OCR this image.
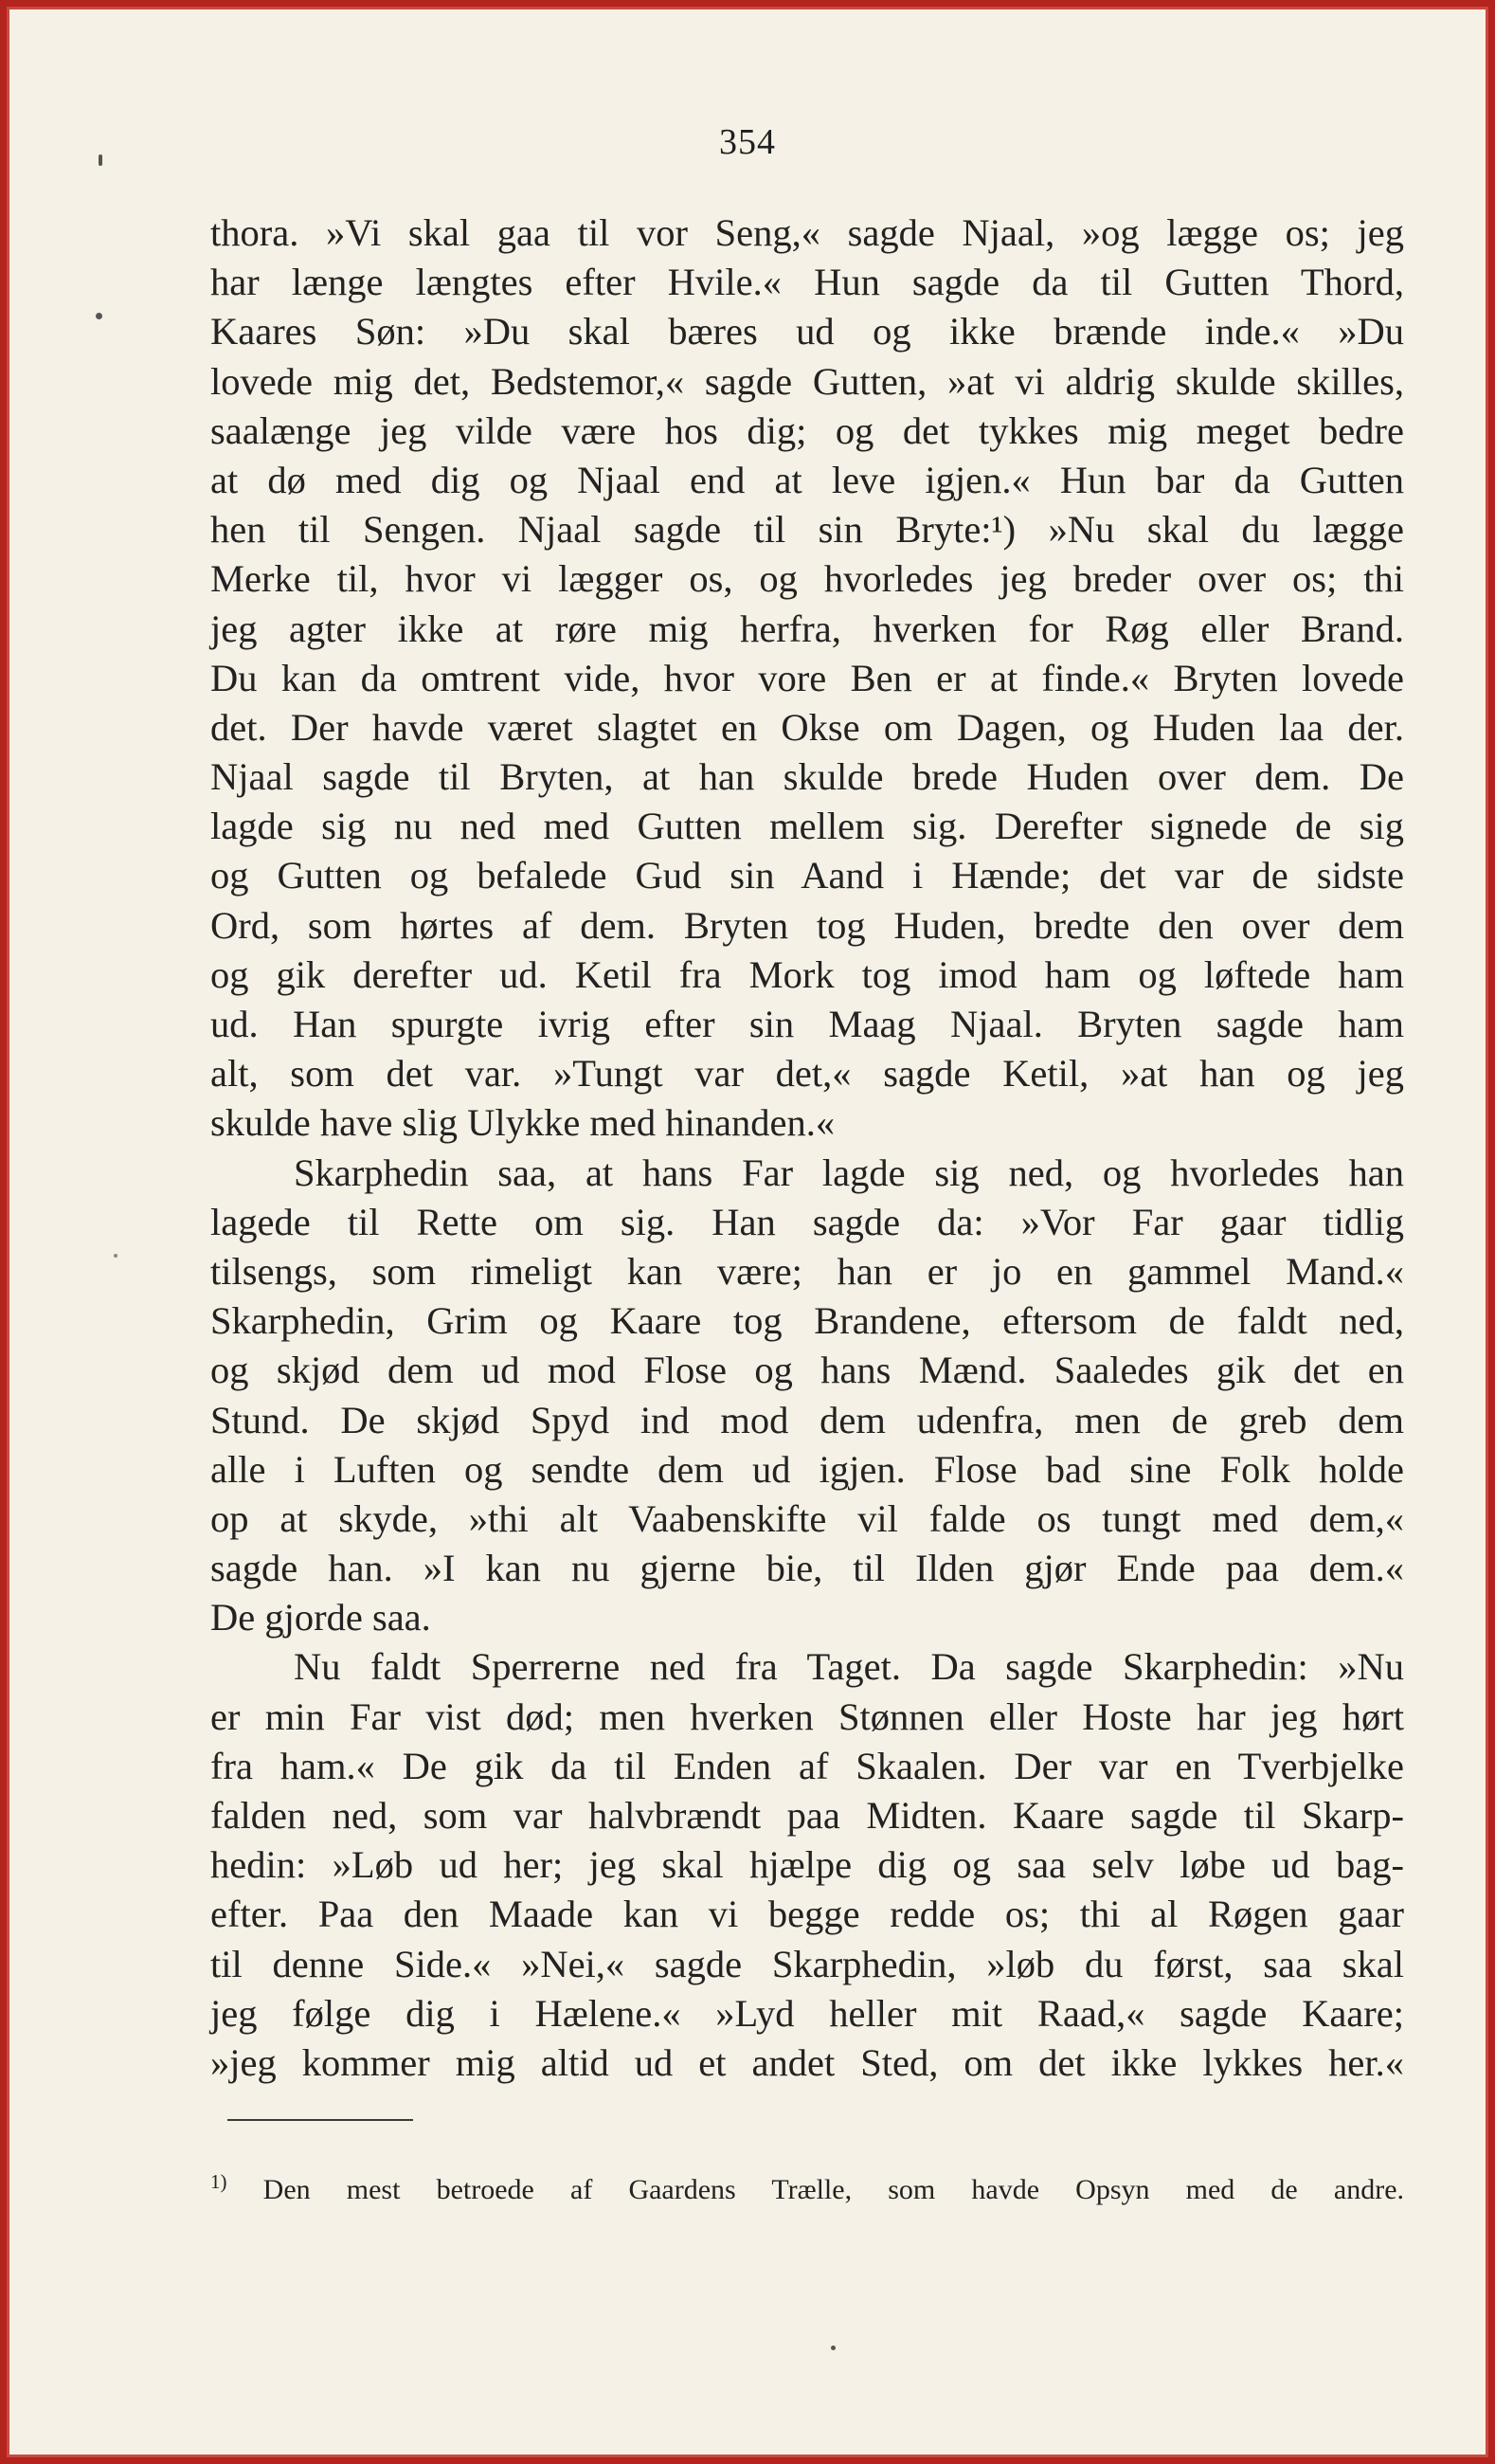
354
thora. »Vi skal gaa til vor Seng,« sagde Njaal, »og lægge os; jeg
har længe længtes efter Hvile.« Hun sagde da til Gutten Thord,
Kaares Søn: »Du skal bæres ud og ikke brænde inde.« »Du
lovede mig det, Bedstemor,« sagde Gutten, »at vi aldrig skulde skilles,
saalænge jeg vilde være hos dig; og det tykkes mig meget bedre
at dø med dig og Njaal end at leve igjen.« Hun bar da Gutten
hen til Sengen. Njaal sagde til sin Bryte:¹) »Nu skal du lægge
Merke til, hvor vi lægger os, og hvorledes jeg breder over os; thi
jeg agter ikke at røre mig herfra, hverken for Røg eller Brand.
Du kan da omtrent vide, hvor vore Ben er at finde.« Bryten lovede
det. Der havde været slagtet en Okse om Dagen, og Huden laa der.
Njaal sagde til Bryten, at han skulde brede Huden over dem. De
lagde sig nu ned med Gutten mellem sig. Derefter signede de sig
og Gutten og befalede Gud sin Aand i Hænde; det var de sidste
Ord, som hørtes af dem. Bryten tog Huden, bredte den over dem
og gik derefter ud. Ketil fra Mork tog imod ham og løftede ham
ud. Han spurgte ivrig efter sin Maag Njaal. Bryten sagde ham
alt, som det var. »Tungt var det,« sagde Ketil, »at han og jeg
skulde have slig Ulykke med hinanden.«
Skarphedin saa, at hans Far lagde sig ned, og hvorledes han
lagede til Rette om sig. Han sagde da: »Vor Far gaar tidlig
tilsengs, som rimeligt kan være; han er jo en gammel Mand.«
Skarphedin, Grim og Kaare tog Brandene, eftersom de faldt ned,
og skjød dem ud mod Flose og hans Mænd. Saaledes gik det en
Stund. De skjød Spyd ind mod dem udenfra, men de greb dem
alle i Luften og sendte dem ud igjen. Flose bad sine Folk holde
op at skyde, »thi alt Vaabenskifte vil falde os tungt med dem,«
sagde han. »I kan nu gjerne bie, til Ilden gjør Ende paa dem.«
De gjorde saa.
Nu faldt Sperrerne ned fra Taget. Da sagde Skarphedin: »Nu
er min Far vist død; men hverken Stønnen eller Hoste har jeg hørt
fra ham.« De gik da til Enden af Skaalen. Der var en Tverbjelke
falden ned, som var halvbrændt paa Midten. Kaare sagde til Skarp-
hedin: »Løb ud her; jeg skal hjælpe dig og saa selv løbe ud bag-
efter. Paa den Maade kan vi begge redde os; thi al Røgen gaar
til denne Side.« »Nei,« sagde Skarphedin, »løb du først, saa skal
jeg følge dig i Hælene.« »Lyd heller mit Raad,« sagde Kaare;
»jeg kommer mig altid ud et andet Sted, om det ikke lykkes her.«
$^{1)}$ Den mest betroede af Gaardens Trælle, som havde Opsyn med de andre.
